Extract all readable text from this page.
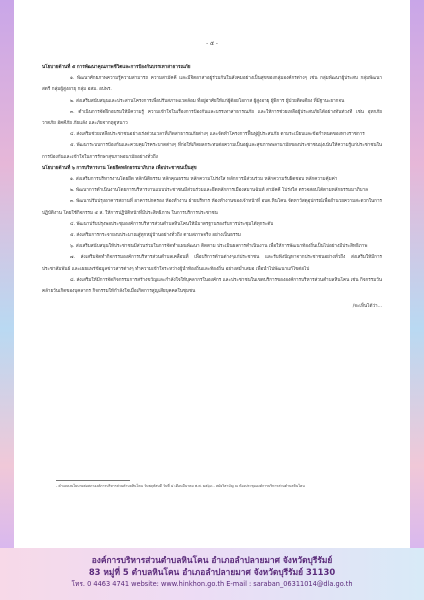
- ๕ -

นโยบายด้านที่ ๕ การพัฒนาคุณภาพชีวิตและการป้องกันบรรเทาสาธารณภัย

๑. พัฒนาศักยภาพความรู้ความสามารถ ความสามัคคี และมีจิตอาสาอยู่ร่วมกันในสังคมอย่างเป็นสุขของกลุ่มองค์กรต่างๆ เช่น กลุ่มพัฒนาผู้ประสบ กลุ่มพัฒนาสตรี กลุ่มผู้สูงอายุ กลุ่ม อสม. อปพร.

๒. ส่งเสริมสนับสนุนและประสานโครงการเพื่อปรับสภาพแวดล้อม ที่อยู่อาศัยให้แก่ผู้ด้อยโอกาส ผู้สูงอายุ ผู้พิการ ผู้ป่วยติดเตียง ที่มีฐานะยากจน

๓. ดำเนินการจัดฝึกอบรมให้มีความรู้ ความเข้าใจในเรื่องการป้องกันและบรรเทาสาธารณภัย และให้การช่วยเหลือผู้ประสบภัยได้อย่างทันท่วงที เช่น อุทกภัย วาตภัย อัคคีภัย ภัยแล้ง และภัยจากฤดูหนาว

๔. ส่งเสริมช่วยเหลือประชาชนอย่างเร่งด่วนเวลาที่เกิดสาธารณภัยต่างๆ และจัดทำโครงการฟื้นฟูผู้ประสบภัย ตามระเบียบและข้อกำหนดของทางราชการ

๕. พัฒนาระบบการป้องกันและควบคุมโรคระบาดต่างๆ ที่ก่อให้เกิดผลกระทบต่อความเป็นอยู่และสุขภาพพลานามัยของประชาชนมุ่งเน้นให้ความรู้แก่ประชาชนในการป้องกันและเข้าใจในการรักษาสุขภาพอนามัยอย่างทั่วถึง

นโยบายด้านที่ ๖ การบริหารงาน โดยยึดหลักธรรมาภิบาล เพื่อประชาชนเป็นสุข

๑. ส่งเสริมการบริหารงานโดยยึด หลักนิติธรรม หลักคุณธรรม หลักความโปร่งใส หลักการมีส่วนร่วม หลักความรับผิดชอบ หลักความคุ้มค่า

๒. พัฒนาการดำเนินงานโดยการบริหารงานแบบประชาชนมีส่วนร่วมและยึดหลักการเมืองสมานฉันท์ สามัคคี โปร่งใส ตรวจสอบได้ตามหลักธรรมมาภิบาล

๓. พัฒนาปรับปรุงอาคารสถานที่ อาคารปกครอง ห้องทำงาน ฝ่ายบริหาร ห้องทำงานของเจ้าหน้าที่ อบต.หินโคน จัดหาวัสดุอุปกรณ์เพื่ออำนวยความสะดวกในการปฏิบัติงาน โดยใช้กิจกรรม ๕ ส. ให้การปฏิบัติหน้าที่มีประสิทธิภาพ ในการบริการประชาชน

๔. พัฒนาปรับปรุงพอประชุมองค์การบริหารส่วนตำบลหินโคนให้มีมาตรฐานรองรับการประชุมได้ทุกระดับ

๕. ส่งเสริมการกระจายงบประมาณสู่ทุกหมู่บ้านอย่างทั่วถึง ตามสภาพจริง อย่างเป็นธรรม

๖. ส่งเสริมสนับสนุนให้ประชาชนมีส่วนร่วมในการจัดทำแผนพัฒนา ติดตาม ประเมินผลการดำเนินงาน เพื่อให้การพัฒนาท้องถิ่นเป็นไปอย่างมีประสิทธิภาพ

๗. ส่งเสริมจัดทำกิจกรรมองค์การบริหารส่วนตำบลเคลื่อนที่ เพื่อบริการด้านต่างๆแก่ประชาชน และรับฟังปัญหาจากประชาชนอย่างทั่วถึง ส่งเสริมให้มีการประชาสัมพันธ์ และเผยแพร่ข้อมูลข่าวสารต่างๆ ทำความเข้าใจระหว่างผู้นำท้องถิ่นและท้องถิ่น อย่างสม่ำเสมอ เพื่อนำไปพัฒนาแก้ไขต่อไป

๘. ส่งเสริมให้มีการจัดกิจกรรมการสร้างขวัญและกำลังใจให้บุคลากรในองค์กร และประชาชนในเขตบริการขององค์การบริหารส่วนตำบลหินโคน เช่น กิจกรรมวันคล้ายวันเกิดของบุคลากร กิจกรรมให้กำลังใจเมื่อเกิดการสูญเสียบุคคลในชุมชน

/จะเห็นได้ว่า...

- คำแถลงนโยบายต่อสภาองค์การบริหารส่วนตำบลหินโคน วันพฤหัสบดี วันที่ ๔ เดือนมีนาคม พ.ศ. ๒๕๖๓ - สมัยวิสามัญ ณ ห้องประชุมองค์การบริหารส่วนตำบลหินโคน
องค์การบริหารส่วนตำบลหินโคน อำเภอลำปลายมาศ จังหวัดบุรีรัมย์
83 หมู่ที่ 5 ตำบลหินโคน อำเภอลำปลายมาศ จังหวัดบุรีรัมย์ 31130
โทร. 0 4463 4741 website: www.hinkhon.go.th E-mail : saraban_06311014@dla.go.th
